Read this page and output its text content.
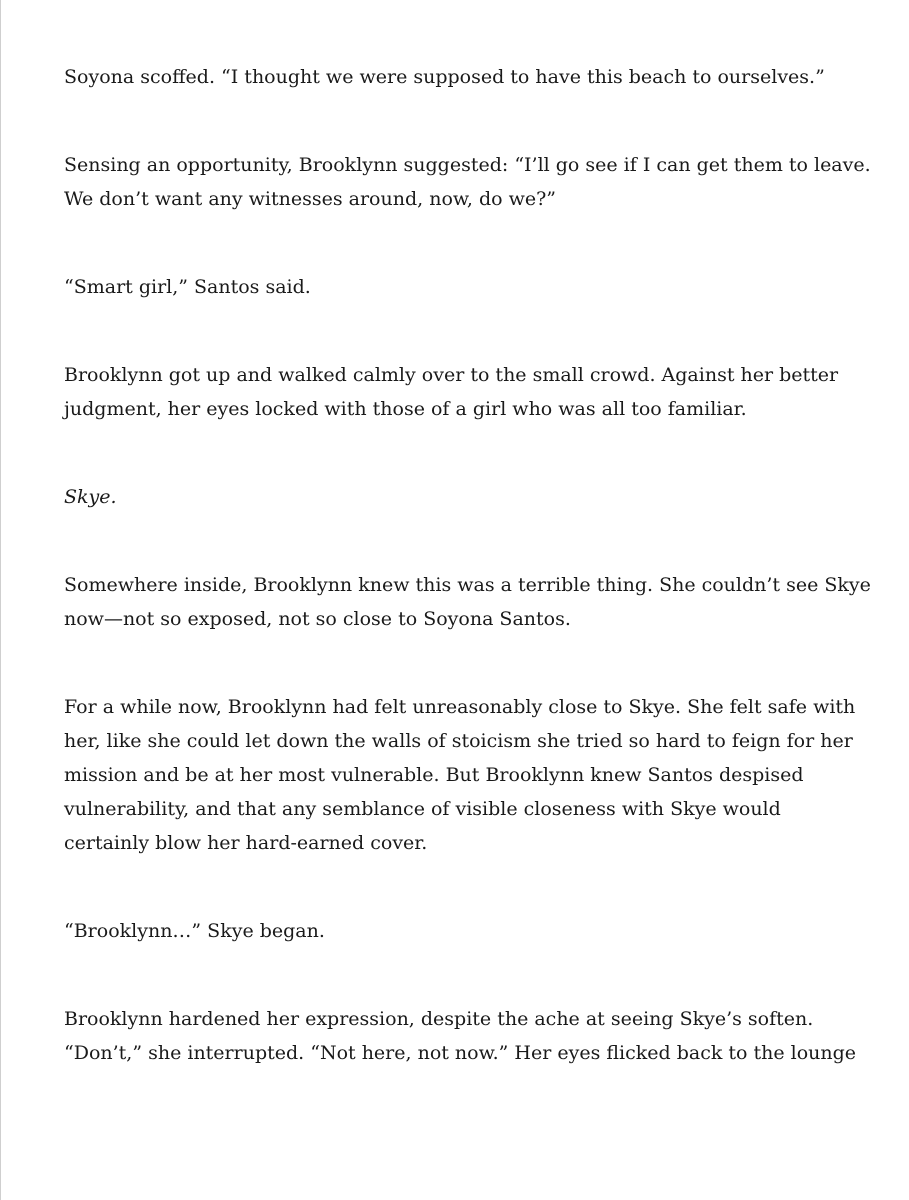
Soyona scoffed. “I thought we were supposed to have this beach to ourselves.”

Sensing an opportunity, Brooklynn suggested: “I’ll go see if I can get them to leave.
We don’t want any witnesses around, now, do we?”

“Smart girl,” Santos said.

Brooklynn got up and walked calmly over to the small crowd. Against her better
judgment, her eyes locked with those of a girl who was all too familiar.

Skye.

Somewhere inside, Brooklynn knew this was a terrible thing. She couldn’t see Skye
now—not so exposed, not so close to Soyona Santos.

For a while now, Brooklynn had felt unreasonably close to Skye. She felt safe with
her, like she could let down the walls of stoicism she tried so hard to feign for her
mission and be at her most vulnerable. But Brooklynn knew Santos despised
vulnerability, and that any semblance of visible closeness with Skye would
certainly blow her hard-earned cover.

“Brooklynn…” Skye began.

Brooklynn hardened her expression, despite the ache at seeing Skye’s soften.
“Don’t,” she interrupted. “Not here, not now.” Her eyes flicked back to the lounge
